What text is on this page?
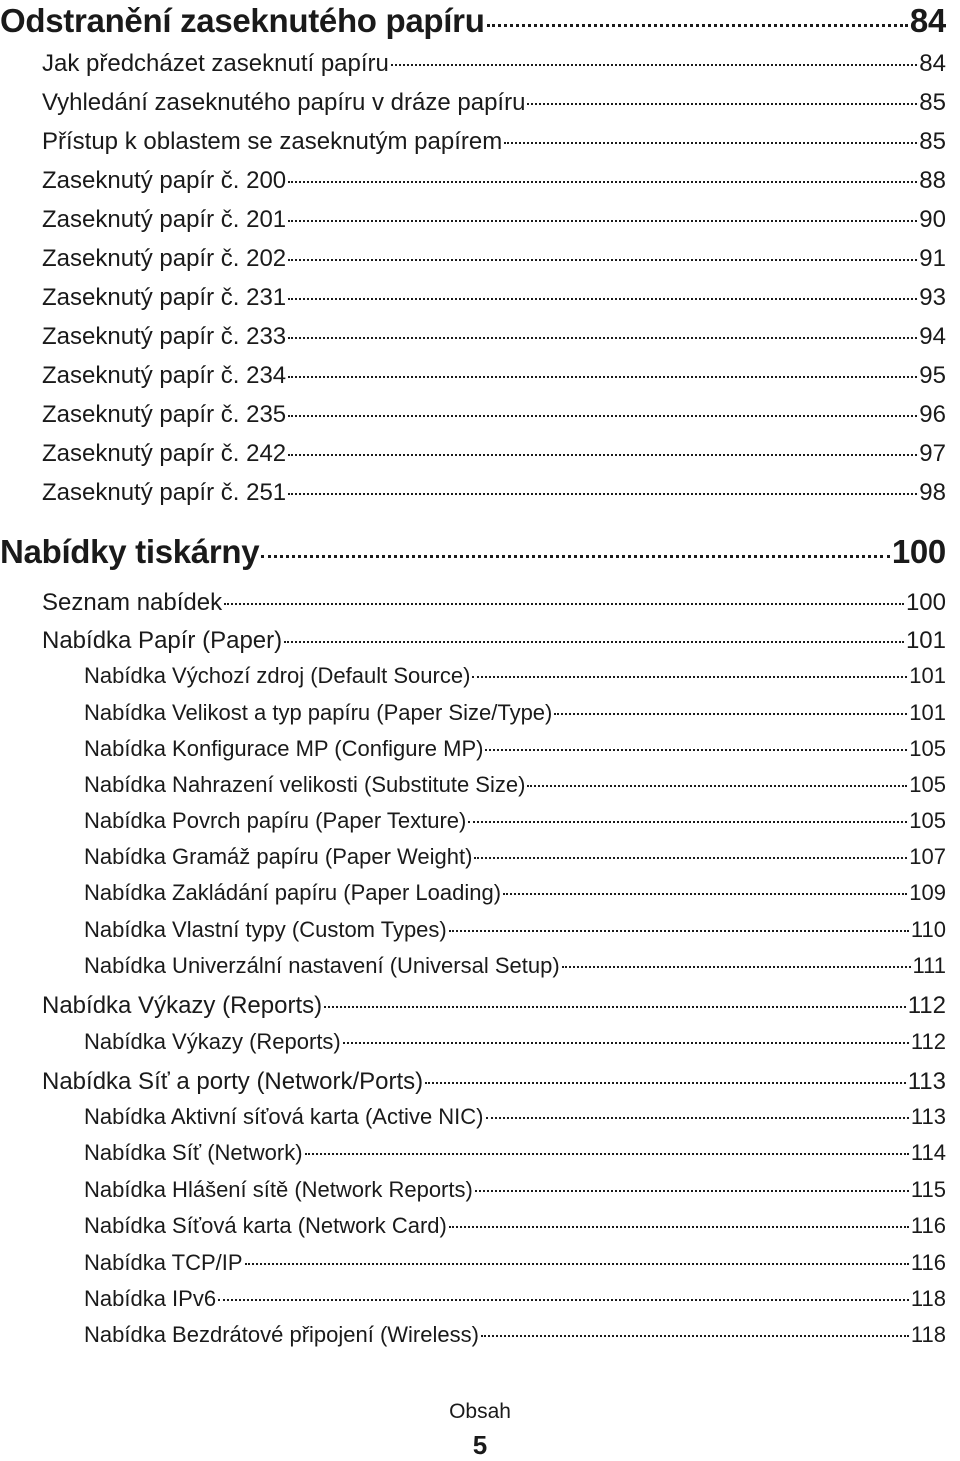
Odstranění zaseknutého papíru	84
Jak předcházet zaseknutí papíru	84
Vyhledání zaseknutého papíru v dráze papíru	85
Přístup k oblastem se zaseknutým papírem	85
Zaseknutý papír č. 200	88
Zaseknutý papír č. 201	90
Zaseknutý papír č. 202	91
Zaseknutý papír č. 231	93
Zaseknutý papír č. 233	94
Zaseknutý papír č. 234	95
Zaseknutý papír č. 235	96
Zaseknutý papír č. 242	97
Zaseknutý papír č. 251	98
Nabídky tiskárny	100
Seznam nabídek	100
Nabídka Papír (Paper)	101
Nabídka Výchozí zdroj (Default Source)	101
Nabídka Velikost a typ papíru (Paper Size/Type)	101
Nabídka Konfigurace MP (Configure MP)	105
Nabídka Nahrazení velikosti (Substitute Size)	105
Nabídka Povrch papíru (Paper Texture)	105
Nabídka Gramáž papíru (Paper Weight)	107
Nabídka Zakládání papíru (Paper Loading)	109
Nabídka Vlastní typy (Custom Types)	110
Nabídka Univerzální nastavení (Universal Setup)	111
Nabídka Výkazy (Reports)	112
Nabídka Výkazy (Reports)	112
Nabídka Síť a porty (Network/Ports)	113
Nabídka Aktivní síťová karta (Active NIC)	113
Nabídka Síť (Network)	114
Nabídka Hlášení sítě (Network Reports)	115
Nabídka Síťová karta (Network Card)	116
Nabídka TCP/IP	116
Nabídka IPv6	118
Nabídka Bezdrátové připojení (Wireless)	118
Obsah
5
